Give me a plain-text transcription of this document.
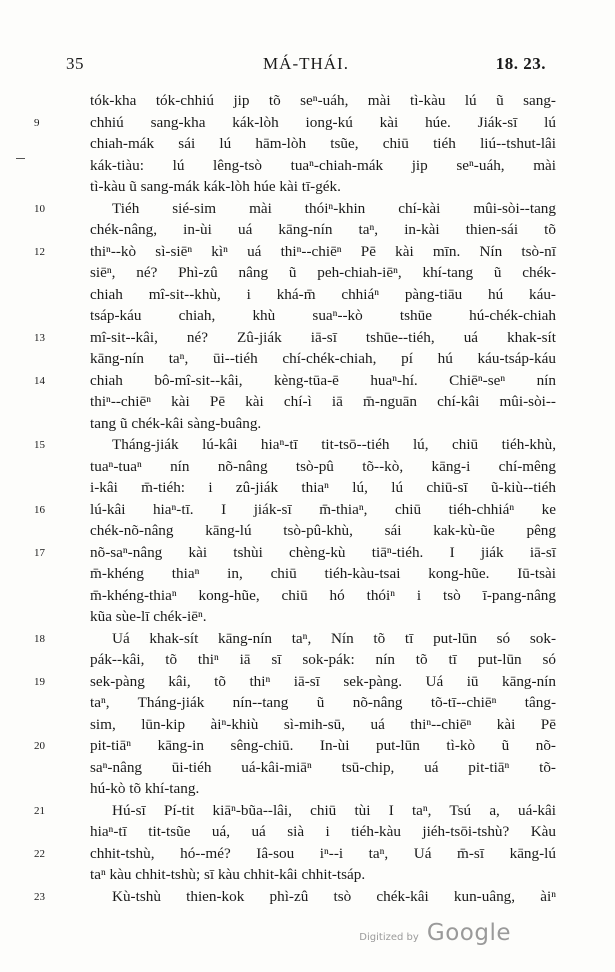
35	MÁ-THÁI.	18. 23.
tók-kha tók-chhiú jip tõ seⁿ-uáh, mài tì-kàu lú ũ sang-
9	chhiú sang-kha kák-lòh iong-kú kài húe. Jiák-sī lú
chiah-mák sái lú hām-lòh tsũe, chiū tiéh liú--tshut-lâi
kák-tiàu: lú lêng-tsò tuaⁿ-chiah-mák jip seⁿ-uáh, mài
tì-kàu ũ sang-mák kák-lòh húe kài tī-gék.
10	Tiéh sié-sim mài thóiⁿ-khin chí-kài mûi-sòi--tang
chék-nâng, in-ùi uá kāng-nín taⁿ, in-kài thien-sái tõ
12	thiⁿ--kò sì-siēⁿ kìⁿ uá thiⁿ--chiēⁿ Pē kài mīn. Nín tsò-nī
siēⁿ, né? Phì-zû nâng ũ peh-chiah-iēⁿ, khí-tang ũ chék-
chiah mî-sit--khù, i khá-m̄ chhiáⁿ pàng-tiāu hú káu-
tsáp-káu chiah, khù suaⁿ--kò tshūe hú-chék-chiah
13	mî-sit--kâi, né? Zû-jiák iā-sī tshūe--tiéh, uá khak-sít
kāng-nín taⁿ, ūi--tiéh chí-chék-chiah, pí hú káu-tsáp-káu
14	chiah bô-mî-sit--kâi, kèng-tūa-ē huaⁿ-hí. Chiēⁿ-seⁿ nín
thiⁿ--chiēⁿ kài Pē kài chí-ì iā m̄-nguān chí-kâi mûi-sòi--
tang ũ chék-kâi sàng-buâng.
15	Tháng-jiák lú-kâi hiaⁿ-tī tit-tsō--tiéh lú, chiū tiéh-khù,
tuaⁿ-tuaⁿ nín nõ-nâng tsò-pû tõ--kò, kāng-i chí-mêng
i-kâi m̄-tiéh: i zû-jiák thiaⁿ lú, lú chiū-sī ũ-kiù--tiéh
16	lú-kâi hiaⁿ-tī. I jiák-sī m̄-thiaⁿ, chiū tiéh-chhiáⁿ ke
chék-nõ-nâng kāng-lú tsò-pû-khù, sái kak-kù-ũe pêng
17	nõ-saⁿ-nâng kài tshùi chèng-kù tiāⁿ-tiéh. I jiák iā-sī
m̄-khéng thiaⁿ in, chiū tiéh-kàu-tsai kong-hũe. Iū-tsài
m̄-khéng-thiaⁿ kong-hũe, chiū hó thóiⁿ i tsò ī-pang-nâng
kũa sùe-lī chék-iēⁿ.
18	Uá khak-sít kāng-nín taⁿ, Nín tõ tī put-lūn só sok-
pák--kâi, tõ thiⁿ iā sī sok-pák: nín tõ tī put-lūn só
19	sek-pàng kâi, tõ thiⁿ iā-sī sek-pàng. Uá iū kāng-nín
taⁿ, Tháng-jiák nín--tang ũ nõ-nâng tõ-tī--chiēⁿ tâng-
sim, lūn-kip àiⁿ-khiù sì-mih-sū, uá thiⁿ--chiēⁿ kài Pē
20	pit-tiāⁿ kāng-in sêng-chiū. In-ùi put-lūn tì-kò ũ nõ-
saⁿ-nâng ūi-tiéh uá-kâi-miāⁿ tsū-chip, uá pit-tiāⁿ tõ-
hú-kò tõ khí-tang.
21	Hú-sī Pí-tit kiāⁿ-bũa--lâi, chiū tùi I taⁿ, Tsú a, uá-kâi
hiaⁿ-tī tit-tsũe uá, uá sià i tiéh-kàu jiéh-tsōi-tshù? Kàu
22	chhit-tshù, hó--mé? Iâ-sou iⁿ--i taⁿ, Uá m̄-sī kāng-lú
taⁿ kàu chhit-tshù; sī kàu chhit-kâi chhit-tsáp.
23	Kù-tshù thien-kok phì-zû tsò chék-kâi kun-uâng, àiⁿ
Digitized by Google
